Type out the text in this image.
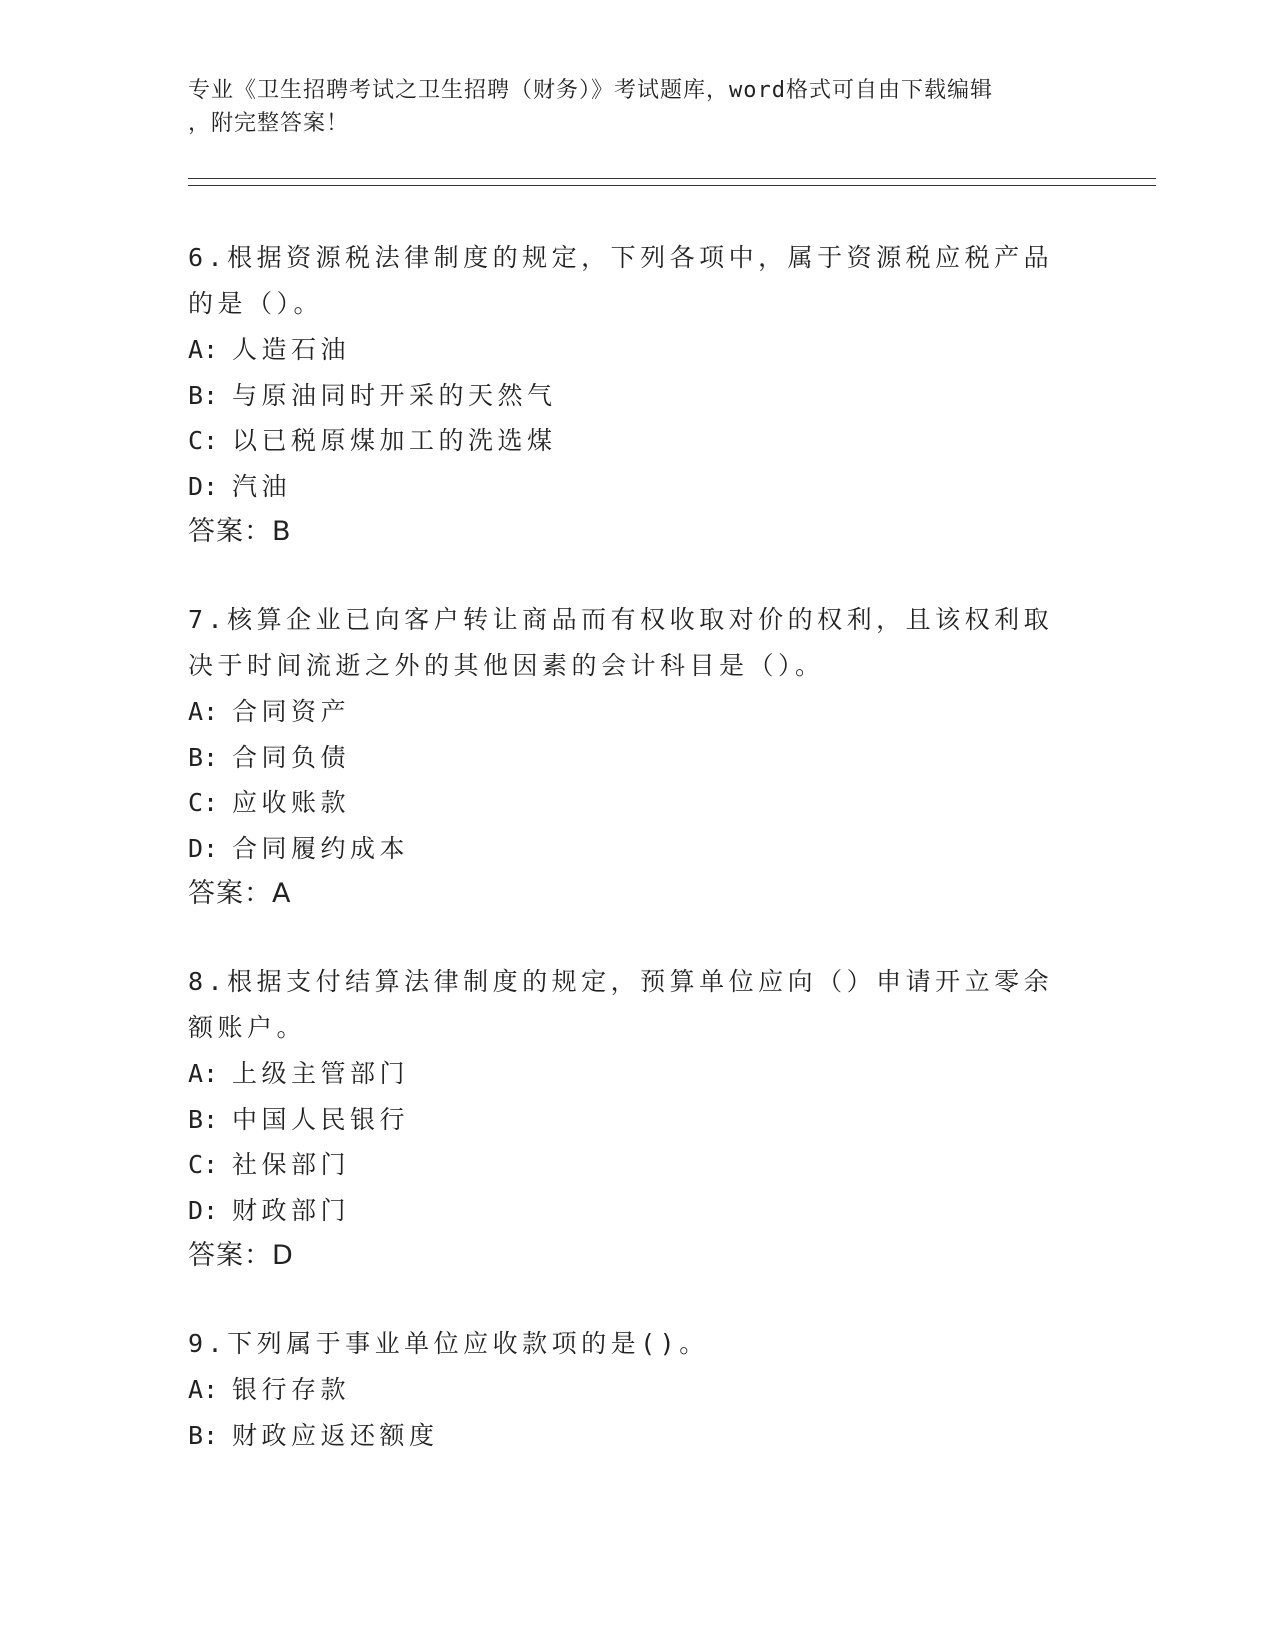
专业《卫生招聘考试之卫生招聘（财务）》考试题库，word格式可自由下载编辑
，附完整答案！
6.根据资源税法律制度的规定，下列各项中，属于资源税应税产品的是（）。
A: 人造石油
B: 与原油同时开采的天然气
C: 以已税原煤加工的洗选煤
D: 汽油
答案：B
7.核算企业已向客户转让商品而有权收取对价的权利，且该权利取决于时间流逝之外的其他因素的会计科目是（）。
A: 合同资产
B: 合同负债
C: 应收账款
D: 合同履约成本
答案：A
8.根据支付结算法律制度的规定，预算单位应向（）申请开立零余额账户。
A: 上级主管部门
B: 中国人民银行
C: 社保部门
D: 财政部门
答案：D
9.下列属于事业单位应收款项的是()。
A: 银行存款
B: 财政应返还额度
